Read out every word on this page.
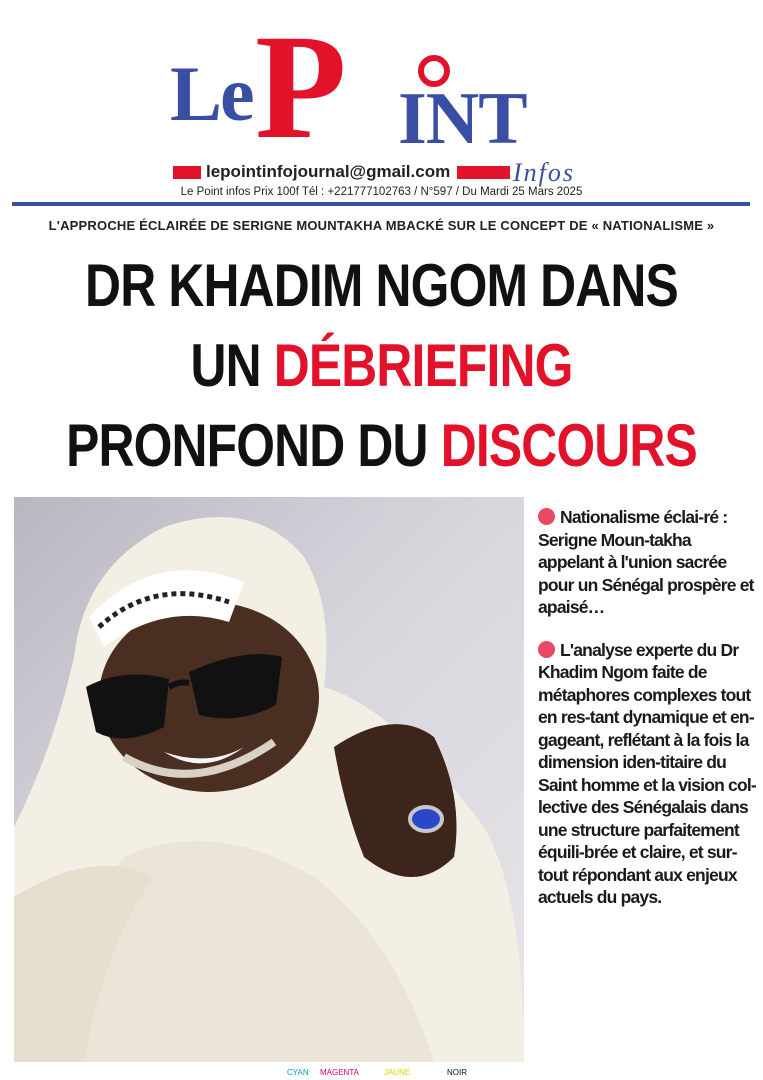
Le P INT
lepointinfojournal@gmail.com Infos
Le Point infos Prix 100f Tél : +221777102763 / N°597 / Du Mardi 25 Mars 2025
L'APPROCHE ÉCLAIRÉE DE SERIGNE MOUNTAKHA MBACKÉ SUR LE CONCEPT DE « NATIONALISME »
DR KHADIM NGOM DANS
UN DÉBRIEFING
PRONFOND DU DISCOURS
Nationalisme éclai-ré : Serigne Moun-takha appelant à l'union sacrée pour un Sénégal prospère et apaisé…
L'analyse experte du Dr Khadim Ngom faite de métaphores complexes tout en res-tant dynamique et en-gageant, reflétant à la fois la dimension iden-titaire du Saint homme et la vision col-lective des Sénégalais dans une structure parfaitement équili-brée et claire, et sur-tout répondant aux enjeux actuels du pays.
CYAN MAGENTA	JAUNE	NOIR
